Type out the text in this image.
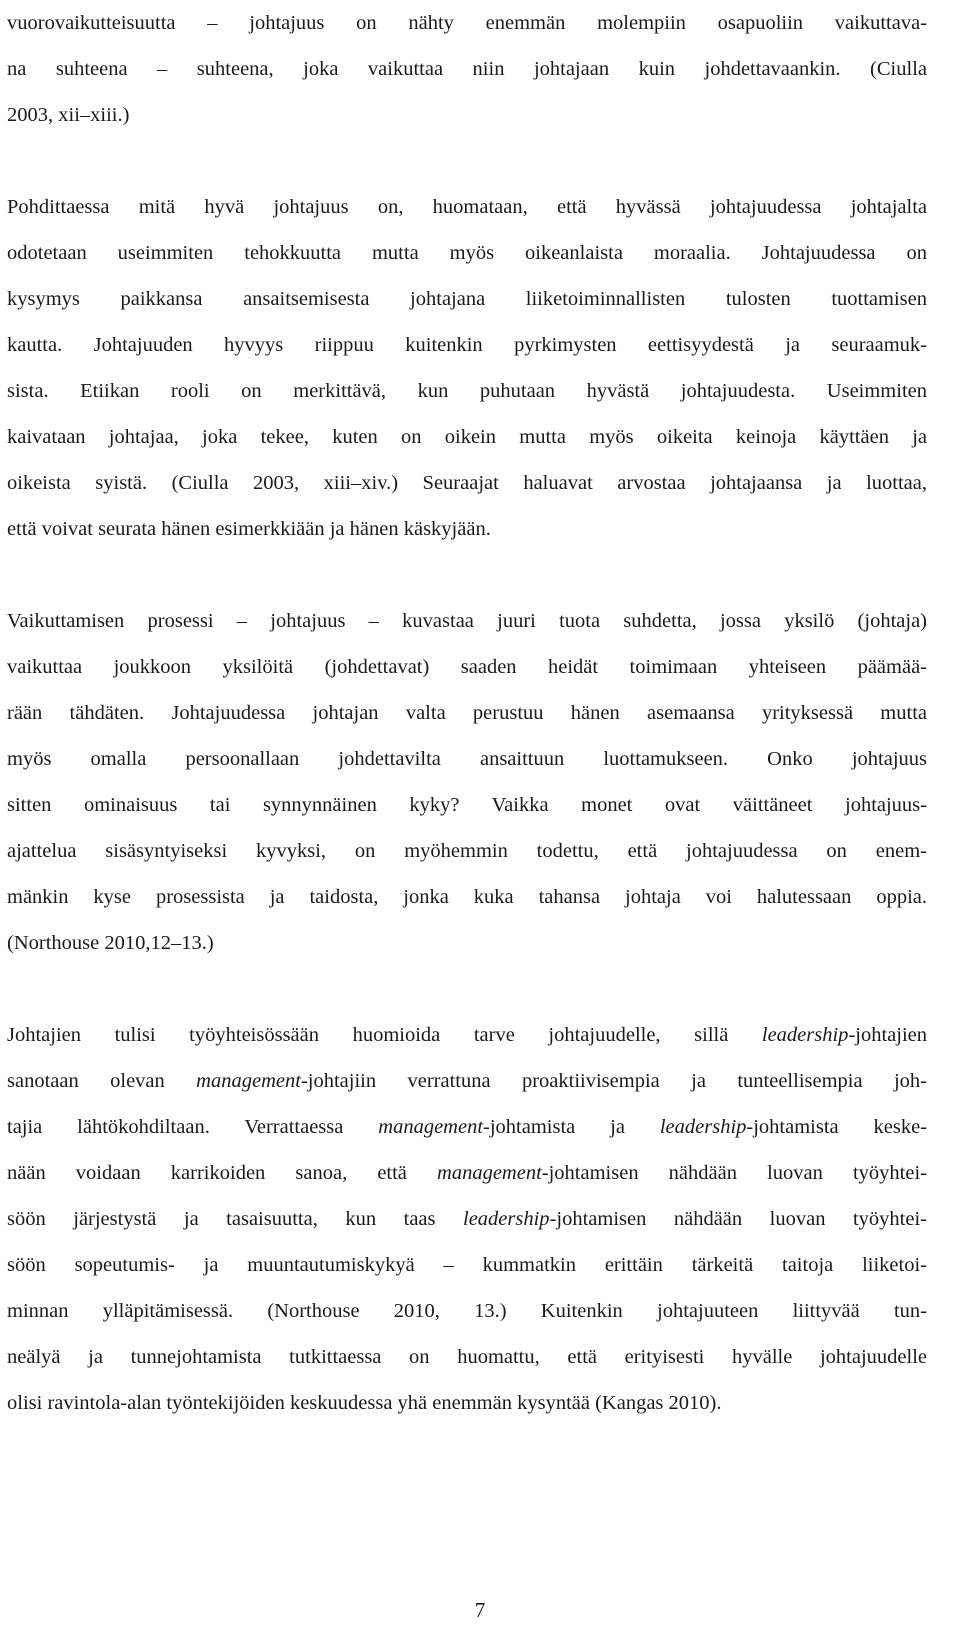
vuorovaikutteisuutta – johtajuus on nähty enemmän molempiin osapuoliin vaikuttava-
na suhteena – suhteena, joka vaikuttaa niin johtajaan kuin johdettavaankin. (Ciulla
2003, xii–xiii.)
Pohdittaessa mitä hyvä johtajuus on, huomataan, että hyvässä johtajuudessa johtajalta
odotetaan useimmiten tehokkuutta mutta myös oikeanlaista moraalia. Johtajuudessa on
kysymys paikkansa ansaitsemisesta johtajana liiketoiminnallisten tulosten tuottamisen
kautta. Johtajuuden hyvyys riippuu kuitenkin pyrkimysten eettisyydestä ja seuraamuk-
sista. Etiikan rooli on merkittävä, kun puhutaan hyvästä johtajuudesta. Useimmiten
kaivataan johtajaa, joka tekee, kuten on oikein mutta myös oikeita keinoja käyttäen ja
oikeista syistä. (Ciulla 2003, xiii–xiv.) Seuraajat haluavat arvostaa johtajaansa ja luottaa,
että voivat seurata hänen esimerkkiään ja hänen käskyjään.
Vaikuttamisen prosessi – johtajuus – kuvastaa juuri tuota suhdetta, jossa yksilö (johtaja)
vaikuttaa joukkoon yksilöitä (johdettavat) saaden heidät toimimaan yhteiseen päämää-
rään tähdäten. Johtajuudessa johtajan valta perustuu hänen asemaansa yrityksessä mutta
myös omalla persoonallaan johdettavilta ansaittuun luottamukseen. Onko johtajuus
sitten ominaisuus tai synnynnäinen kyky? Vaikka monet ovat väittäneet johtajuus-
ajattelua sisäsyntyiseksi kyvyksi, on myöhemmin todettu, että johtajuudessa on enem-
mänkin kyse prosessista ja taidosta, jonka kuka tahansa johtaja voi halutessaan oppia.
(Northouse 2010,12–13.)
Johtajien tulisi työyhteisössään huomioida tarve johtajuudelle, sillä leadership-johtajien
sanotaan olevan management-johtajiin verrattuna proaktiivisempia ja tunteellisempia joh-
tajia lähtökohdiltaan. Verrattaessa management-johtamista ja leadership-johtamista keske-
nään voidaan karrikoiden sanoa, että management-johtamisen nähdään luovan työyhtei-
söön järjestystä ja tasaisuutta, kun taas leadership-johtamisen nähdään luovan työyhtei-
söön sopeutumis- ja muuntautumiskykyä – kummatkin erittäin tärkeitä taitoja liiketoi-
minnan ylläpitämisessä. (Northouse 2010, 13.) Kuitenkin johtajuuteen liittyvää tun-
neälyä ja tunnejohtamista tutkittaessa on huomattu, että erityisesti hyvälle johtajuudelle
olisi ravintola-alan työntekijöiden keskuudessa yhä enemmän kysyntää (Kangas 2010).
7
